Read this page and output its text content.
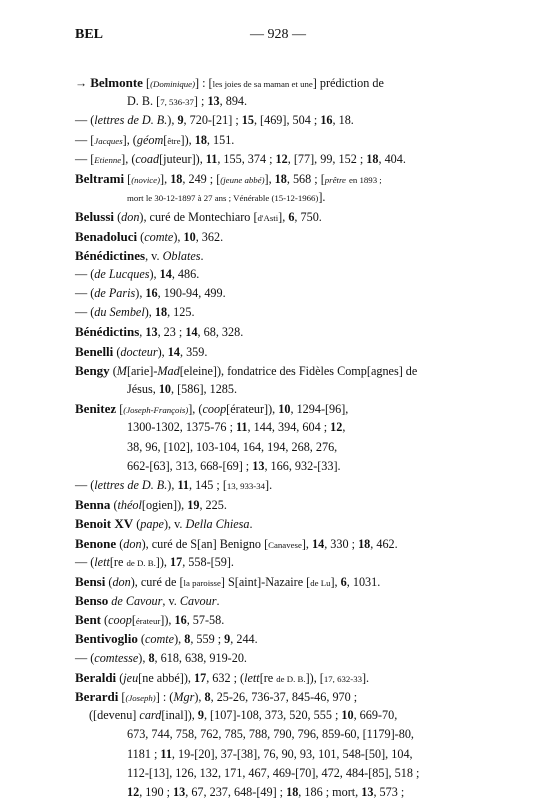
BEL	— 928 —
→ Belmonte [(Dominique)] : [les joies de sa maman et une] prédiction de
D. B. [7, 536-37] ; 13, 894.
— (lettres de D. B.), 9, 720-[21] ; 15, [469], 504 ; 16, 18.
— [Jacques], (géom[être]), 18, 151.
— [Etienne], (coad[juteur]), 11, 155, 374 ; 12, [77], 99, 152 ; 18, 404.
Beltrami [(novice)], 18, 249 ; [(jeune abbé)], 18, 568 ; [prêtre en 1893 ;
mort le 30-12-1897 à 27 ans ; Vénérable (15-12-1966)].
Belussi (don), curé de Montechiaro [d'Asti], 6, 750.
Benadoluci (comte), 10, 362.
Bénédictines, v. Oblates.
— (de Lucques), 14, 486.
— (de Paris), 16, 190-94, 499.
— (du Sembel), 18, 125.
Bénédictins, 13, 23 ; 14, 68, 328.
Benelli (docteur), 14, 359.
Bengy (M[arie]-Mad[eleine]), fondatrice des Fidèles Comp[agnes] de
Jésus, 10, [586], 1285.
Benitez [(Joseph-François)], (coop[érateur]), 10, 1294-[96],
1300-1302, 1375-76 ; 11, 144, 394, 604 ; 12,
38, 96, [102], 103-104, 164, 194, 268, 276,
662-[63], 313, 668-[69] ; 13, 166, 932-[33].
— (lettres de D. B.), 11, 145 ; [13, 933-34].
Benna (théol[ogien]), 19, 225.
Benoit XV (pape), v. Della Chiesa.
Benone (don), curé de S[an] Benigno [Canavese], 14, 330 ; 18, 462.
— (lett[re de D. B.]), 17, 558-[59].
Bensi (don), curé de [la paroisse] S[aint]-Nazaire [de Lu], 6, 1031.
Benso de Cavour, v. Cavour.
Bent (coop[érateur]), 16, 57-58.
Bentivoglio (comte), 8, 559 ; 9, 244.
— (comtesse), 8, 618, 638, 919-20.
Beraldi (jeu[ne abbé]), 17, 632 ; (lett[re de D. B.]), [17, 632-33].
Berardi [(Joseph)] : (Mgr), 8, 25-26, 736-37, 845-46, 970 ;
([devenu] card[inal]), 9, [107]-108, 373, 520, 555 ; 10, 669-70,
673, 744, 758, 762, 785, 788, 790, 796, 859-60, [1179]-80,
1181 ; 11, 19-[20], 37-[38], 76, 90, 93, 101, 548-[50], 104,
112-[13], 126, 132, 171, 467, 469-[70], 472, 484-[85], 518 ;
12, 190 ; 13, 67, 237, 648-[49] ; 18, 186 ; mort, 13, 573 ;
